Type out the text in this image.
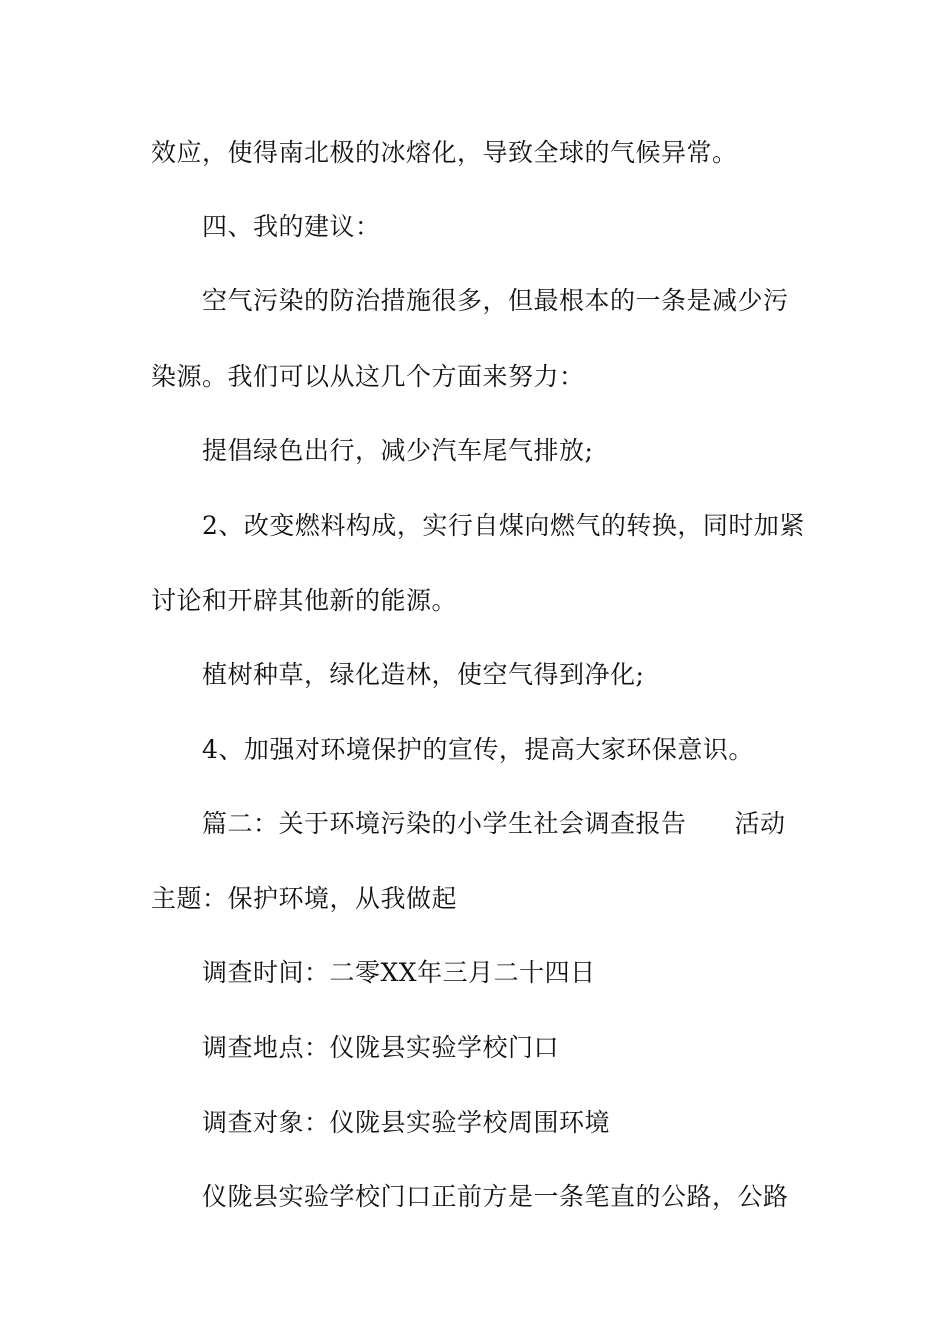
效应，使得南北极的冰熔化，导致全球的气候异常。
四、我的建议：
空气污染的防治措施很多，但最根本的一条是减少污
染源。我们可以从这几个方面来努力：
提倡绿色出行，减少汽车尾气排放;
2、改变燃料构成，实行自煤向燃气的转换，同时加紧
讨论和开辟其他新的能源。
植树种草，绿化造林，使空气得到净化;
4、加强对环境保护的宣传，提高大家环保意识。
篇二：关于环境污染的小学生社会调查报告 活动
主题：保护环境，从我做起
调查时间：二零XX年三月二十四日
调查地点：仪陇县实验学校门口
调查对象：仪陇县实验学校周围环境
仪陇县实验学校门口正前方是一条笔直的公路，公路
